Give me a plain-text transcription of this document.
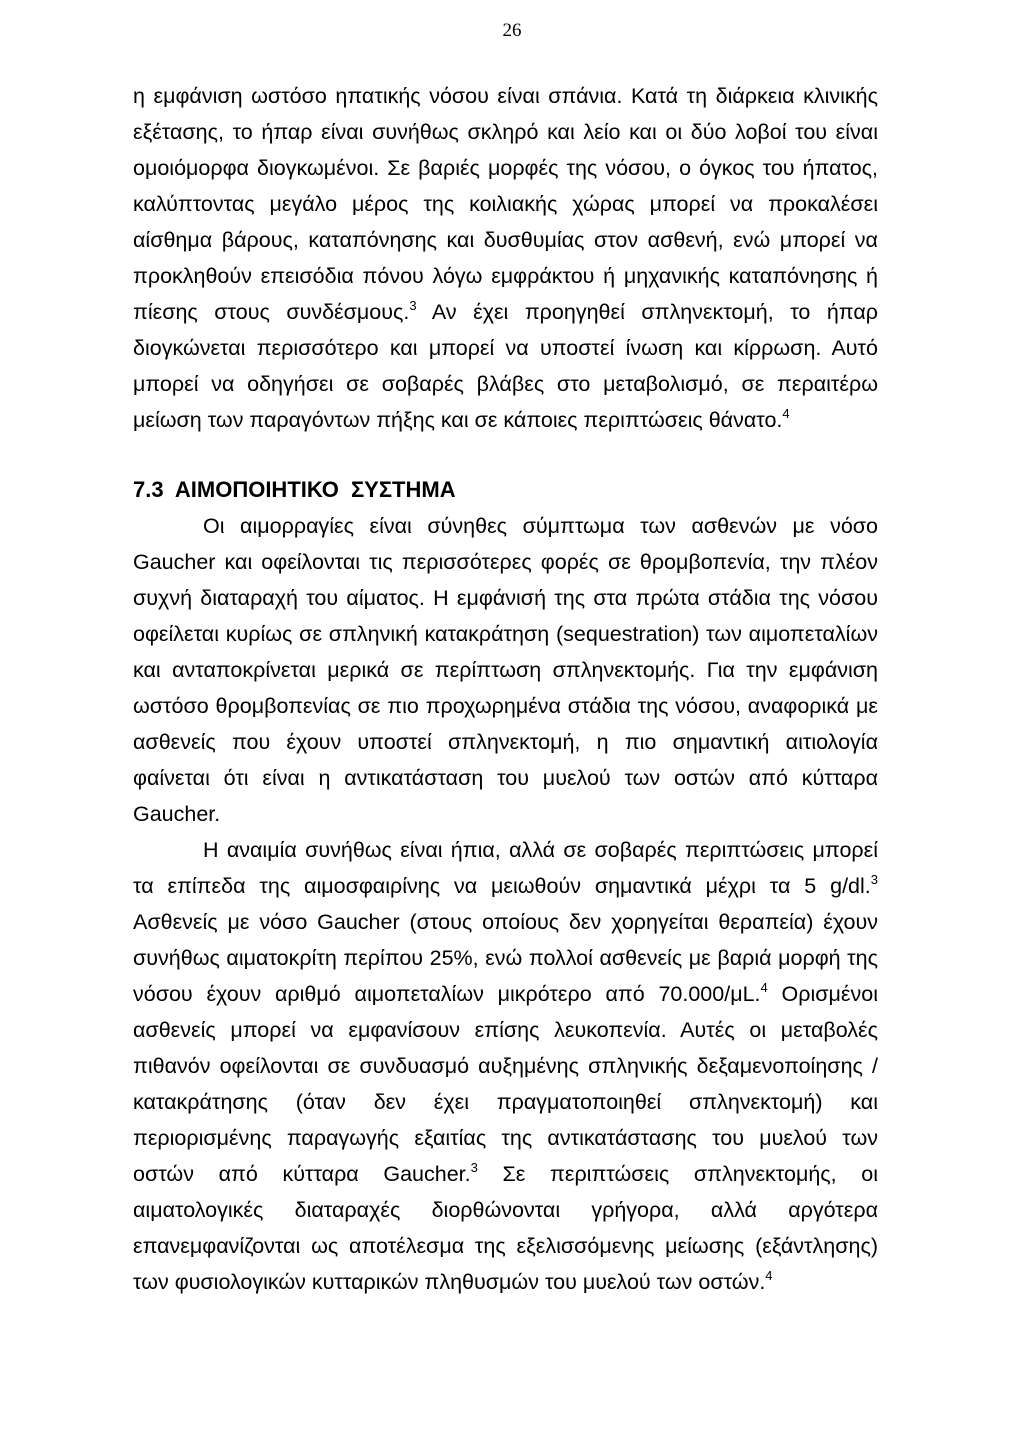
26

η εμφάνιση ωστόσο ηπατικής νόσου είναι σπάνια. Κατά τη διάρκεια κλινικής εξέτασης, το ήπαρ είναι συνήθως σκληρό και λείο και οι δύο λοβοί του είναι ομοιόμορφα διογκωμένοι. Σε βαριές μορφές της νόσου, ο όγκος του ήπατος, καλύπτοντας μεγάλο μέρος της κοιλιακής χώρας μπορεί να προκαλέσει αίσθημα βάρους, καταπόνησης και δυσθυμίας στον ασθενή, ενώ μπορεί να προκληθούν επεισόδια πόνου λόγω εμφράκτου ή μηχανικής καταπόνησης ή πίεσης στους συνδέσμους.$^3$ Αν έχει προηγηθεί σπληνεκτομή, το ήπαρ διογκώνεται περισσότερο και μπορεί να υποστεί ίνωση και κίρρωση. Αυτό μπορεί να οδηγήσει σε σοβαρές βλάβες στο μεταβολισμό, σε περαιτέρω μείωση των παραγόντων πήξης και σε κάποιες περιπτώσεις θάνατο.$^4$

7.3 ΑΙΜΟΠΟΙΗΤΙΚΟ ΣΥΣΤΗΜΑ

Οι αιμορραγίες είναι σύνηθες σύμπτωμα των ασθενών με νόσο Gaucher και οφείλονται τις περισσότερες φορές σε θρομβοπενία, την πλέον συχνή διαταραχή του αίματος. Η εμφάνισή της στα πρώτα στάδια της νόσου οφείλεται κυρίως σε σπληνική κατακράτηση (sequestration) των αιμοπεταλίων και ανταποκρίνεται μερικά σε περίπτωση σπληνεκτομής. Για την εμφάνιση ωστόσο θρομβοπενίας σε πιο προχωρημένα στάδια της νόσου, αναφορικά με ασθενείς που έχουν υποστεί σπληνεκτομή, η πιο σημαντική αιτιολογία φαίνεται ότι είναι η αντικατάσταση του μυελού των οστών από κύτταρα Gaucher.

Η αναιμία συνήθως είναι ήπια, αλλά σε σοβαρές περιπτώσεις μπορεί τα επίπεδα της αιμοσφαιρίνης να μειωθούν σημαντικά μέχρι τα 5 g/dl.$^3$ Ασθενείς με νόσο Gaucher (στους οποίους δεν χορηγείται θεραπεία) έχουν συνήθως αιματοκρίτη περίπου 25%, ενώ πολλοί ασθενείς με βαριά μορφή της νόσου έχουν αριθμό αιμοπεταλίων μικρότερο από 70.000/μL.$^4$ Ορισμένοι ασθενείς μπορεί να εμφανίσουν επίσης λευκοπενία. Αυτές οι μεταβολές πιθανόν οφείλονται σε συνδυασμό αυξημένης σπληνικής δεξαμενοποίησης / κατακράτησης (όταν δεν έχει πραγματοποιηθεί σπληνεκτομή) και περιορισμένης παραγωγής εξαιτίας της αντικατάστασης του μυελού των οστών από κύτταρα Gaucher.$^3$ Σε περιπτώσεις σπληνεκτομής, οι αιματολογικές διαταραχές διορθώνονται γρήγορα, αλλά αργότερα επανεμφανίζονται ως αποτέλεσμα της εξελισσόμενης μείωσης (εξάντλησης) των φυσιολογικών κυτταρικών πληθυσμών του μυελού των οστών.$^4$
